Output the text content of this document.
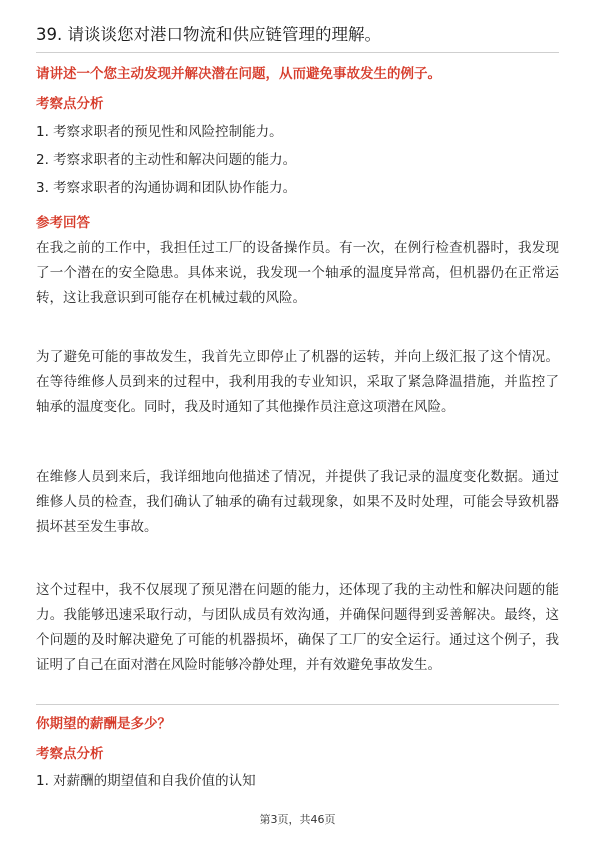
39. 请谈谈您对港口物流和供应链管理的理解。
请讲述一个您主动发现并解决潜在问题，从而避免事故发生的例子。
考察点分析
1. 考察求职者的预见性和风险控制能力。
2. 考察求职者的主动性和解决问题的能力。
3. 考察求职者的沟通协调和团队协作能力。
参考回答
在我之前的工作中，我担任过工厂的设备操作员。有一次，在例行检查机器时，我发现了一个潜在的安全隐患。具体来说，我发现一个轴承的温度异常高，但机器仍在正常运转，这让我意识到可能存在机械过载的风险。
为了避免可能的事故发生，我首先立即停止了机器的运转，并向上级汇报了这个情况。在等待维修人员到来的过程中，我利用我的专业知识，采取了紧急降温措施，并监控了轴承的温度变化。同时，我及时通知了其他操作员注意这项潜在风险。
在维修人员到来后，我详细地向他描述了情况，并提供了我记录的温度变化数据。通过维修人员的检查，我们确认了轴承的确有过载现象，如果不及时处理，可能会导致机器损坏甚至发生事故。
这个过程中，我不仅展现了预见潜在问题的能力，还体现了我的主动性和解决问题的能力。我能够迅速采取行动，与团队成员有效沟通，并确保问题得到妥善解决。最终，这个问题的及时解决避免了可能的机器损坏，确保了工厂的安全运行。通过这个例子，我证明了自己在面对潜在风险时能够冷静处理，并有效避免事故发生。
你期望的薪酬是多少？
考察点分析
1. 对薪酬的期望值和自我价值的认知
第3页，共46页
